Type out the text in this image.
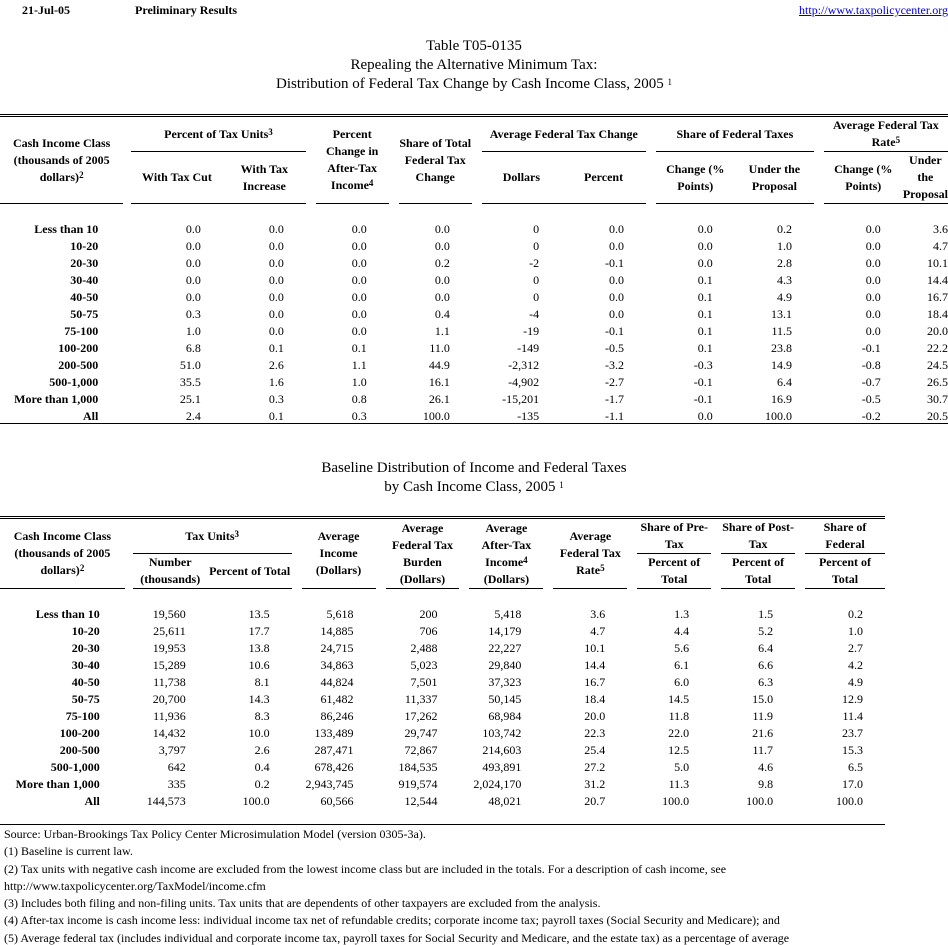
21-Jul-05	Preliminary Results	http://www.taxpolicycenter.org
Table T05-0135
Repealing the Alternative Minimum Tax:
Distribution of Federal Tax Change by Cash Income Class, 2005 $^1$
Cash Income Class (thousands of 2005 dollars)$^2$		Percent of Tax Units$^3$			Percent Change in After-Tax Income$^4$		Share of Total Federal Tax Change		Average Federal Tax Change			Share of Federal Taxes			Average Federal Tax Rate$^5$
		With Tax Cut	With Tax Increase						Dollars	Percent		Change (% Points)	Under the Proposal		Change (% Points)	Under the Proposal

Less than 10		0.0	0.0		0.0		0.0		0	0.0		0.0	0.2		0.0	3.6
10-20		0.0	0.0		0.0		0.0		0	0.0		0.0	1.0		0.0	4.7
20-30		0.0	0.0		0.0		0.2		-2	-0.1		0.0	2.8		0.0	10.1
30-40		0.0	0.0		0.0		0.0		0	0.0		0.1	4.3		0.0	14.4
40-50		0.0	0.0		0.0		0.0		0	0.0		0.1	4.9		0.0	16.7
50-75		0.3	0.0		0.0		0.4		-4	0.0		0.1	13.1		0.0	18.4
75-100		1.0	0.0		0.0		1.1		-19	-0.1		0.1	11.5		0.0	20.0
100-200		6.8	0.1		0.1		11.0		-149	-0.5		0.1	23.8		-0.1	22.2
200-500		51.0	2.6		1.1		44.9		-2,312	-3.2		-0.3	14.9		-0.8	24.5
500-1,000		35.5	1.6		1.0		16.1		-4,902	-2.7		-0.1	6.4		-0.7	26.5
More than 1,000		25.1	0.3		0.8		26.1		-15,201	-1.7		-0.1	16.9		-0.5	30.7
All		2.4	0.1		0.3		100.0		-135	-1.1		0.0	100.0		-0.2	20.5
Baseline Distribution of Income and Federal Taxes
by Cash Income Class, 2005 $^1$
Cash Income Class (thousands of 2005 dollars)$^2$		Tax Units$^3$			Average Income (Dollars)		Average Federal Tax Burden (Dollars)		Average After-Tax Income$^4$ (Dollars)		Average Federal Tax Rate$^5$		Share of Pre-Tax		Share of Post-Tax		Share of Federal
		Number (thousands)	Percent of Total										Percent of Total		Percent of Total		Percent of Total

Less than 10		19,560	13.5		5,618		200		5,418		3.6		1.3		1.5		0.2
10-20		25,611	17.7		14,885		706		14,179		4.7		4.4		5.2		1.0
20-30		19,953	13.8		24,715		2,488		22,227		10.1		5.6		6.4		2.7
30-40		15,289	10.6		34,863		5,023		29,840		14.4		6.1		6.6		4.2
40-50		11,738	8.1		44,824		7,501		37,323		16.7		6.0		6.3		4.9
50-75		20,700	14.3		61,482		11,337		50,145		18.4		14.5		15.0		12.9
75-100		11,936	8.3		86,246		17,262		68,984		20.0		11.8		11.9		11.4
100-200		14,432	10.0		133,489		29,747		103,742		22.3		22.0		21.6		23.7
200-500		3,797	2.6		287,471		72,867		214,603		25.4		12.5		11.7		15.3
500-1,000		642	0.4		678,426		184,535		493,891		27.2		5.0		4.6		6.5
More than 1,000		335	0.2		2,943,745		919,574		2,024,170		31.2		11.3		9.8		17.0
All		144,573	100.0		60,566		12,544		48,021		20.7		100.0		100.0		100.0
Source: Urban-Brookings Tax Policy Center Microsimulation Model (version 0305-3a).
(1) Baseline is current law.
(2) Tax units with negative cash income are excluded from the lowest income class but are included in the totals. For a description of cash income, see
http://www.taxpolicycenter.org/TaxModel/income.cfm
(3) Includes both filing and non-filing units. Tax units that are dependents of other taxpayers are excluded from the analysis.
(4) After-tax income is cash income less: individual income tax net of refundable credits; corporate income tax; payroll taxes (Social Security and Medicare); and
(5) Average federal tax (includes individual and corporate income tax, payroll taxes for Social Security and Medicare, and the estate tax) as a percentage of average
